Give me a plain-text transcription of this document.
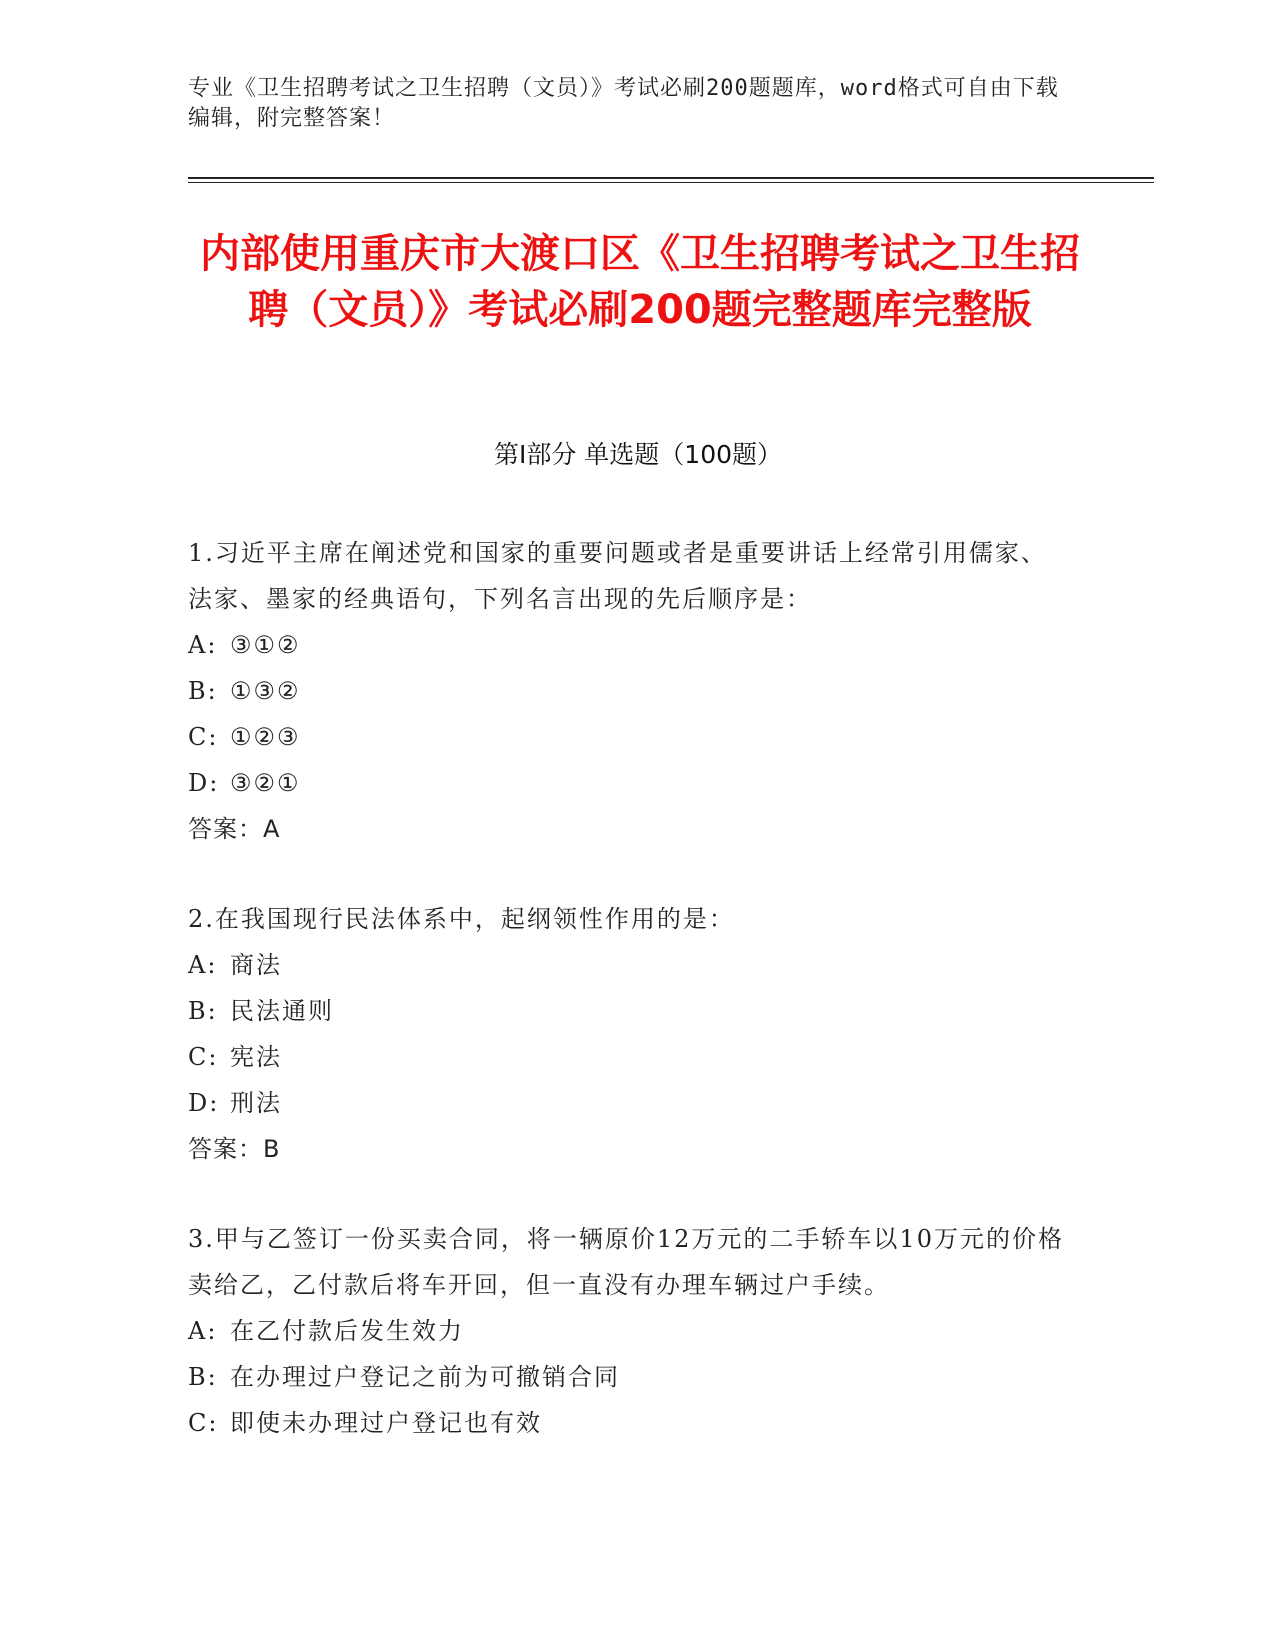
专业《卫生招聘考试之卫生招聘（文员）》考试必刷200题题库，word格式可自由下载编辑，附完整答案！
内部使用重庆市大渡口区《卫生招聘考试之卫生招聘（文员）》考试必刷200题完整题库完整版
第Ⅰ部分 单选题（100题）
1.习近平主席在阐述党和国家的重要问题或者是重要讲话上经常引用儒家、法家、墨家的经典语句，下列名言出现的先后顺序是：
A: ③①②
B: ①③②
C: ①②③
D: ③②①
答案：A
2.在我国现行民法体系中，起纲领性作用的是：
A: 商法
B: 民法通则
C: 宪法
D: 刑法
答案：B
3.甲与乙签订一份买卖合同，将一辆原价12万元的二手轿车以10万元的价格卖给乙，乙付款后将车开回，但一直没有办理车辆过户手续。
A: 在乙付款后发生效力
B: 在办理过户登记之前为可撤销合同
C: 即使未办理过户登记也有效
